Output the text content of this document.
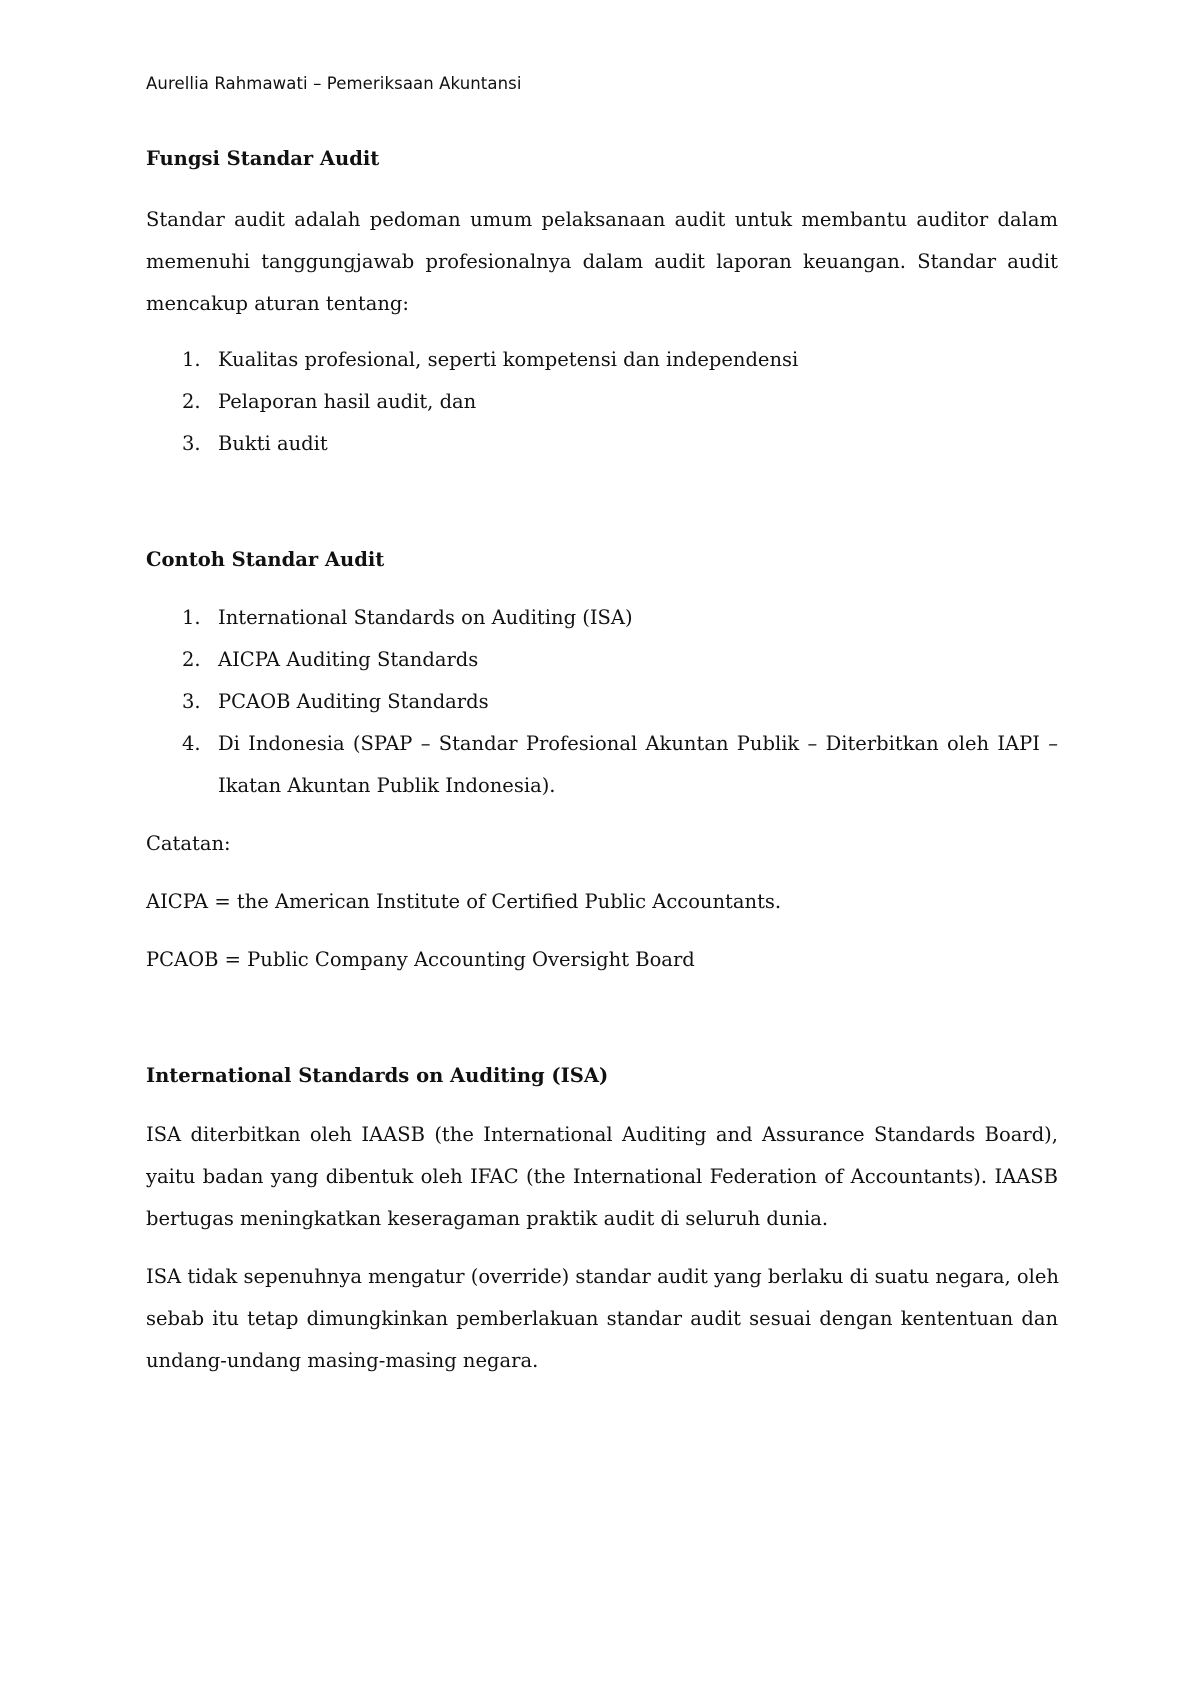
Aurellia Rahmawati – Pemeriksaan Akuntansi
Fungsi Standar Audit
Standar audit adalah pedoman umum pelaksanaan audit untuk membantu auditor dalam
memenuhi tanggungjawab profesionalnya dalam audit laporan keuangan. Standar audit
mencakup aturan tentang:
1. Kualitas profesional, seperti kompetensi dan independensi
2. Pelaporan hasil audit, dan
3. Bukti audit
Contoh Standar Audit
1. International Standards on Auditing (ISA)
2. AICPA Auditing Standards
3. PCAOB Auditing Standards
4. Di Indonesia (SPAP – Standar Profesional Akuntan Publik – Diterbitkan oleh IAPI –
Ikatan Akuntan Publik Indonesia).
Catatan:
AICPA = the American Institute of Certified Public Accountants.
PCAOB = Public Company Accounting Oversight Board
International Standards on Auditing (ISA)
ISA diterbitkan oleh IAASB (the International Auditing and Assurance Standards Board),
yaitu badan yang dibentuk oleh IFAC (the International Federation of Accountants). IAASB
bertugas meningkatkan keseragaman praktik audit di seluruh dunia.
ISA tidak sepenuhnya mengatur (override) standar audit yang berlaku di suatu negara, oleh
sebab itu tetap dimungkinkan pemberlakuan standar audit sesuai dengan kententuan dan
undang-undang masing-masing negara.
